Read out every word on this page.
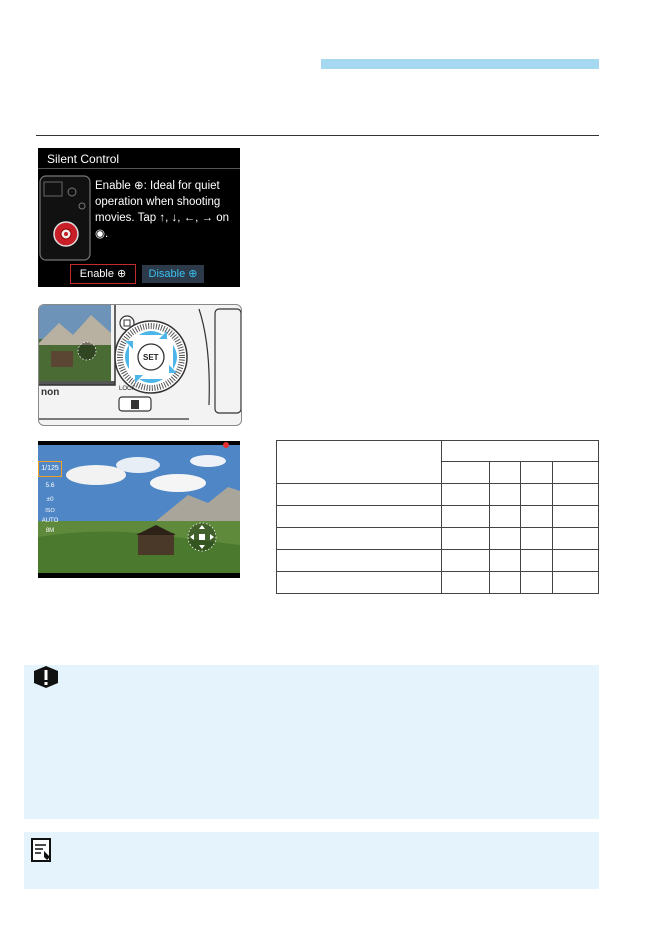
Silent Control
Enable ⊕: Ideal for quiet operation when shooting movies. Tap ↑, ↓, ←, → on ◉.
Enable ⊕	Disable ⊕
SET
LOCK
non
1/125
5.6
±0
ISO
AUTO
8M
